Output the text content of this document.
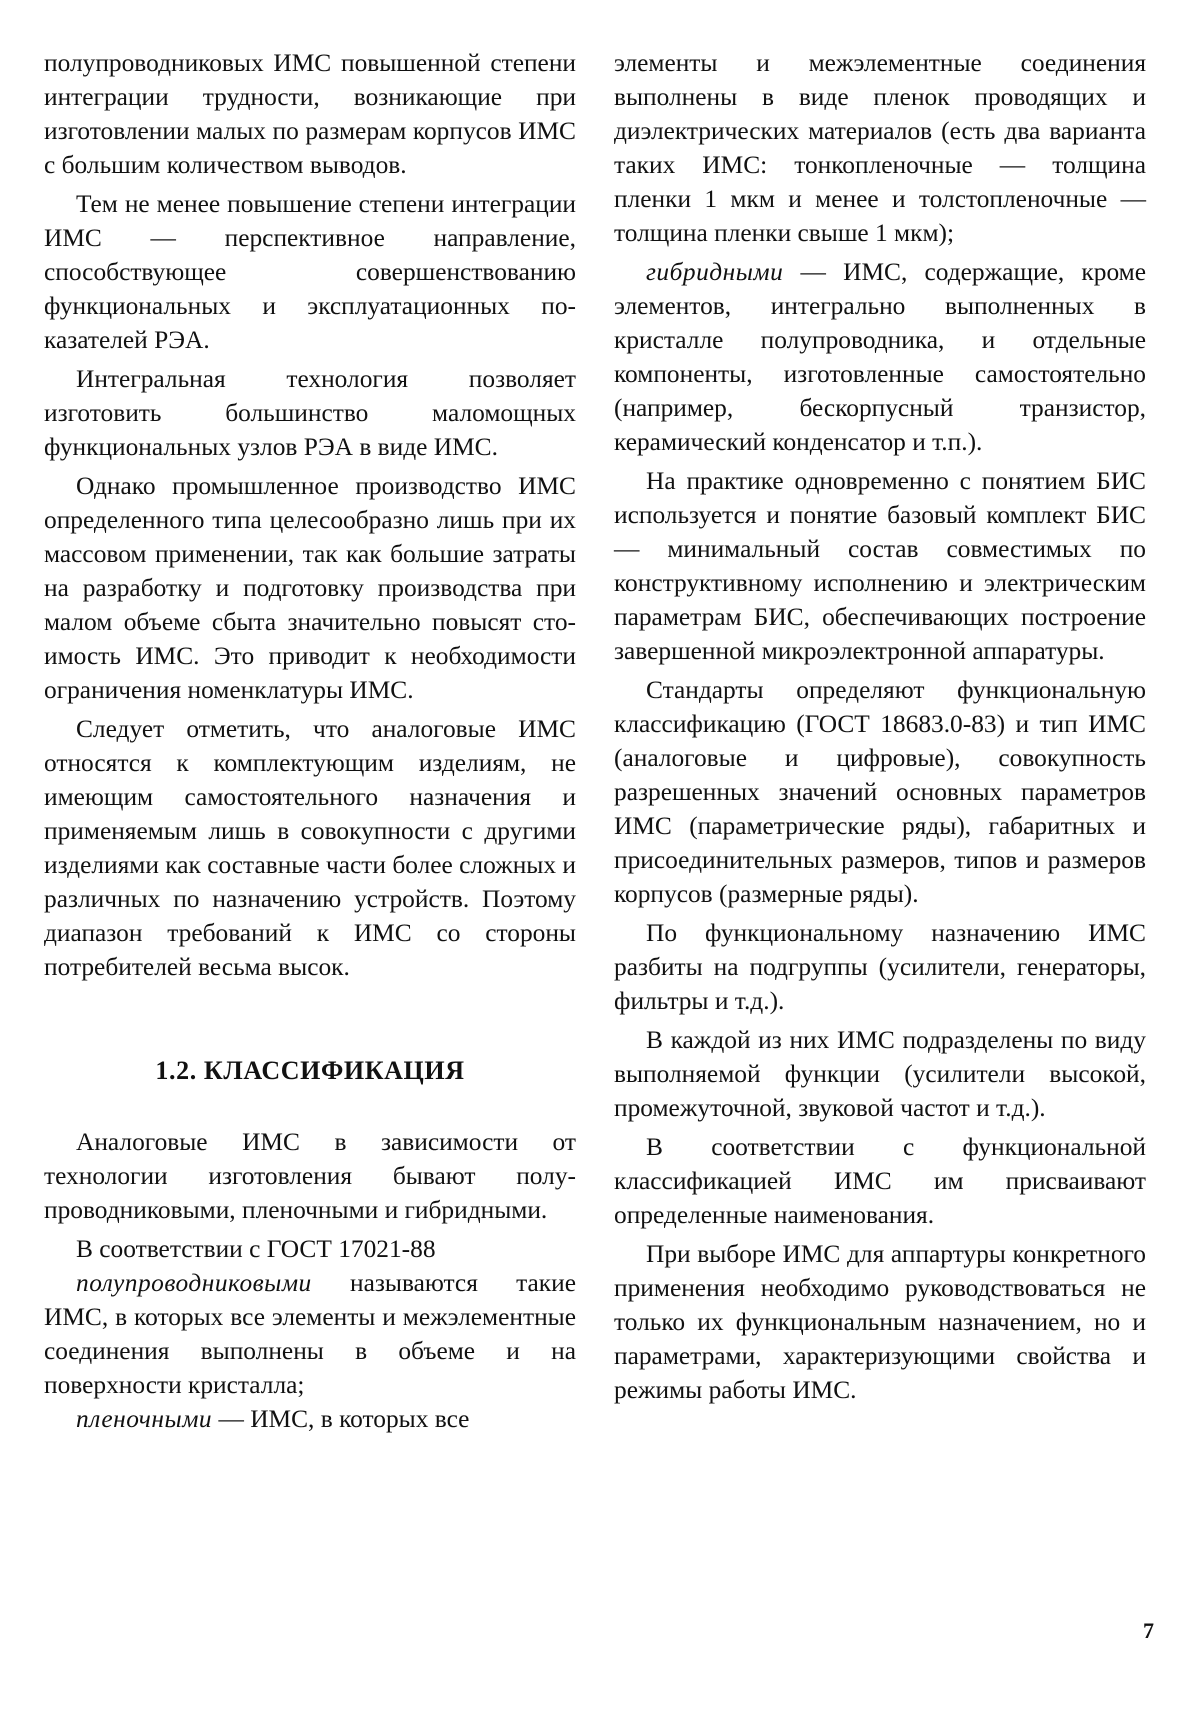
полупроводниковых ИМС повышенной степени интеграции трудности, возникающие при изготовлении малых по размерам корпусов ИМС с большим количеством выводов.

Тем не менее повышение степени интеграции ИМС — перспективное направление, способствующее совершенствованию функциональных и эксплуатационных показателей РЭА.

Интегральная технология позволяет изготовить большинство маломощных функциональных узлов РЭА в виде ИМС.

Однако промышленное производство ИМС определенного типа целесообразно лишь при их массовом применении, так как большие затраты на разработку и подготовку производства при малом объеме сбыта значительно повысят стоимость ИМС. Это приводит к необходимости ограничения номенклатуры ИМС.

Следует отметить, что аналоговые ИМС относятся к комплектующим изделиям, не имеющим самостоятельного назначения и применяемым лишь в совокупности с другими изделиями как составные части более сложных и различных по назначению устройств. Поэтому диапазон требований к ИМС со стороны потребителей весьма высок.

1.2. КЛАССИФИКАЦИЯ

Аналоговые ИМС в зависимости от технологии изготовления бывают полупроводниковыми, пленочными и гибридными.

В соответствии с ГОСТ 17021-88

полупроводниковыми называются такие ИМС, в которых все элементы и межэлементные соединения выполнены в объеме и на поверхности кристалла;

пленочными — ИМС, в которых все

элементы и межэлементные соединения выполнены в виде пленок проводящих и диэлектрических материалов (есть два варианта таких ИМС: тонкопленочные — толщина пленки 1 мкм и менее и толстопленочные — толщина пленки свыше 1 мкм);

гибридными — ИМС, содержащие, кроме элементов, интегрально выполненных в кристалле полупроводника, и отдельные компоненты, изготовленные самостоятельно (например, бескорпусный транзистор, керамический конденсатор и т.п.).

На практике одновременно с понятием БИС используется и понятие базовый комплект БИС — минимальный состав совместимых по конструктивному исполнению и электрическим параметрам БИС, обеспечивающих построение завершенной микроэлектронной аппаратуры.

Стандарты определяют функциональную классификацию (ГОСТ 18683.0-83) и тип ИМС (аналоговые и цифровые), совокупность разрешенных значений основных параметров ИМС (параметрические ряды), габаритных и присоединительных размеров, типов и размеров корпусов (размерные ряды).

По функциональному назначению ИМС разбиты на подгруппы (усилители, генераторы, фильтры и т.д.).

В каждой из них ИМС подразделены по виду выполняемой функции (усилители высокой, промежуточной, звуковой частот и т.д.).

В соответствии с функциональной классификацией ИМС им присваивают определенные наименования.

При выборе ИМС для аппартуры конкретного применения необходимо руководствоваться не только их функциональным назначением, но и параметрами, характеризующими свойства и режимы работы ИМС.

7
